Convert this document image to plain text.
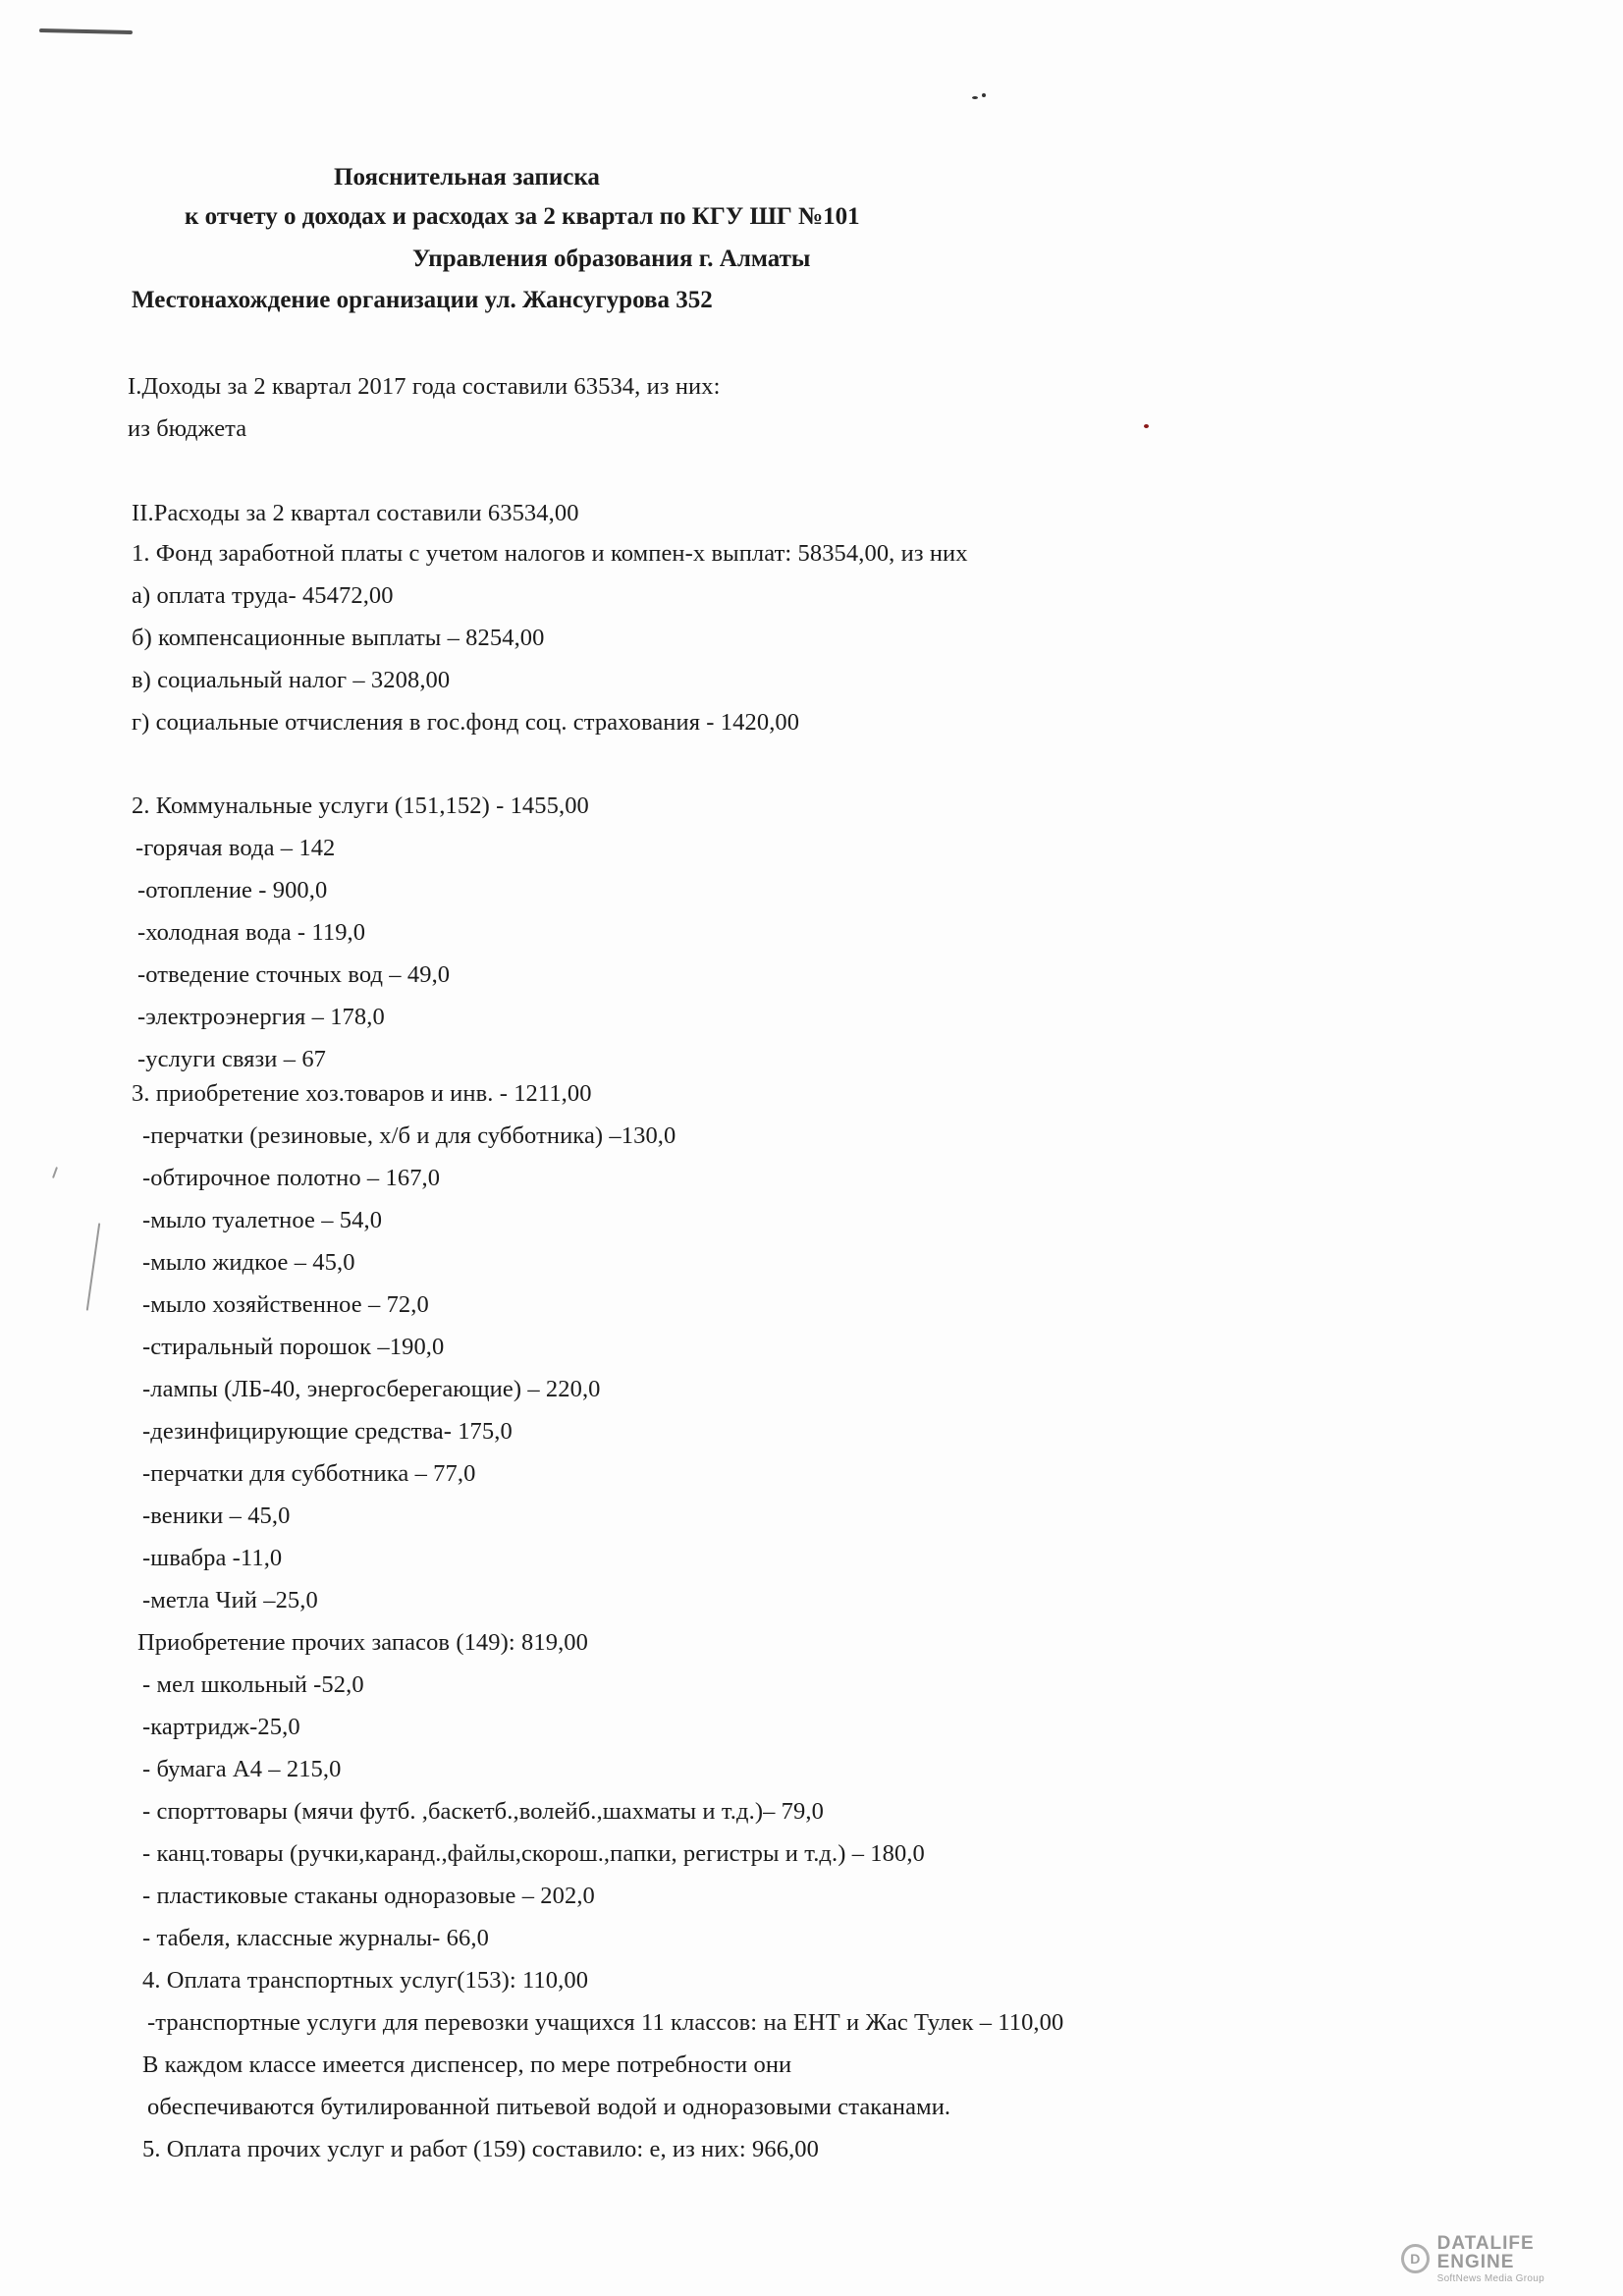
Пояснительная записка
к отчету о доходах и расходах за 2 квартал по КГУ ШГ №101
Управления образования г. Алматы
Местонахождение организации ул. Жансугурова 352
I.Доходы за 2 квартал 2017 года составили 63534, из них:
из бюджета
II.Расходы за 2 квартал составили 63534,00
1. Фонд заработной платы с учетом налогов и компен-х выплат: 58354,00, из них
а) оплата труда- 45472,00
б) компенсационные выплаты – 8254,00
в) социальный налог – 3208,00
г) социальные отчисления в гос.фонд соц. страхования - 1420,00
2. Коммунальные услуги (151,152) - 1455,00
-горячая вода – 142
-отопление - 900,0
-холодная вода - 119,0
-отведение сточных вод – 49,0
-электроэнергия – 178,0
-услуги связи – 67
3. приобретение хоз.товаров и инв. - 1211,00
-перчатки (резиновые, х/б и для субботника) –130,0
-обтирочное полотно – 167,0
-мыло туалетное – 54,0
-мыло жидкое – 45,0
-мыло хозяйственное – 72,0
-стиральный порошок –190,0
-лампы (ЛБ-40, энергосберегающие) – 220,0
-дезинфицирующие средства- 175,0
-перчатки для субботника – 77,0
-веники – 45,0
-швабра -11,0
-метла Чий –25,0
Приобретение прочих запасов (149): 819,00
- мел школьный -52,0
-картридж-25,0
- бумага А4 – 215,0
- спорттовары (мячи футб. ,баскетб.,волейб.,шахматы и т.д.)– 79,0
- канц.товары (ручки,каранд.,файлы,скорош.,папки, регистры и т.д.) – 180,0
- пластиковые стаканы одноразовые – 202,0
- табеля, классные журналы- 66,0
4. Оплата транспортных услуг(153): 110,00
-транспортные услуги для перевозки учащихся 11 классов: на ЕНТ и Жас Тулек – 110,00
В каждом классе имеется диспенсер, по мере потребности они
обеспечиваются бутилированной питьевой водой и одноразовыми стаканами.
5. Оплата прочих услуг и работ (159) составило: е, из них: 966,00
D
DATALIFE ENGINE
SoftNews Media Group
